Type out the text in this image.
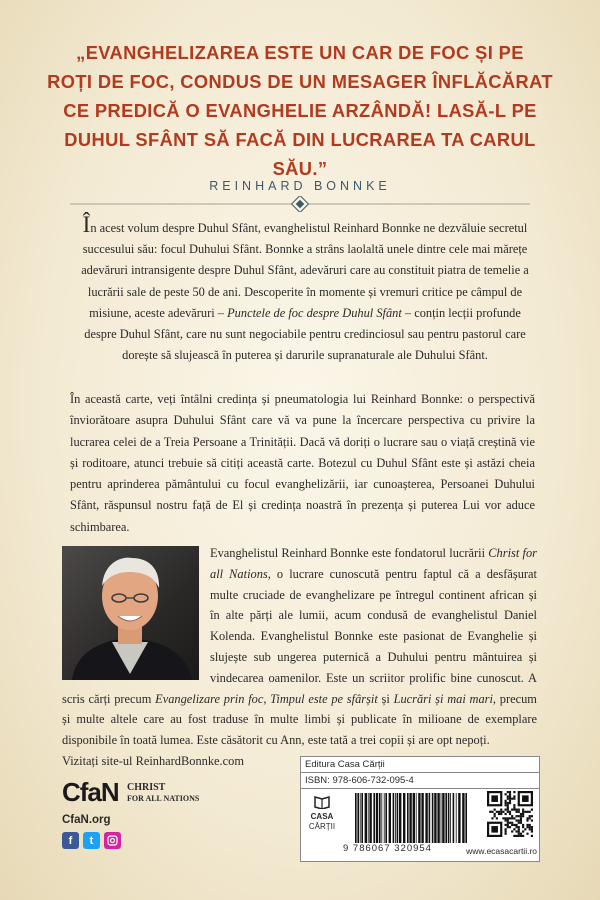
„EVANGHELIZAREA ESTE UN CAR DE FOC ȘI PE
ROȚI DE FOC, CONDUS DE UN MESAGER ÎNFLĂCĂRAT
CE PREDICĂ O EVANGHELIE ARZÂNDĂ! LASĂ-L PE
DUHUL SFÂNT SĂ FACĂ DIN LUCRAREA TA CARUL SĂU.”
REINHARD BONNKE
În acest volum despre Duhul Sfânt, evanghelistul Reinhard Bonnke ne dezvăluie secretul succesului său: focul Duhului Sfânt. Bonnke a strâns laolaltă unele dintre cele mai mărețe adevăruri intransigente despre Duhul Sfânt, adevăruri care au constituit piatra de temelie a lucrării sale de peste 50 de ani. Descoperite în momente și vremuri critice pe câmpul de misiune, aceste adevăruri – Punctele de foc despre Duhul Sfânt – conțin lecții profunde despre Duhul Sfânt, care nu sunt negociabile pentru credinciosul sau pentru pastorul care dorește să slujească în puterea și darurile supranaturale ale Duhului Sfânt.
În această carte, veți întâlni credința și pneumatologia lui Reinhard Bonnke: o perspectivă înviorătoare asupra Duhului Sfânt care vă va pune la încercare perspectiva cu privire la lucrarea celei de a Treia Persoane a Trinității. Dacă vă doriți o lucrare sau o viață creștină vie și roditoare, atunci trebuie să citiți această carte. Botezul cu Duhul Sfânt este și astăzi cheia pentru aprinderea pământului cu focul evanghelizării, iar cunoașterea, Persoanei Duhului Sfânt, răspunsul nostru față de El și credința noastră în prezența și puterea Lui vor aduce schimbarea.
Evanghelistul Reinhard Bonnke este fondatorul lucrării Christ for all Nations, o lucrare cunoscută pentru faptul că a desfășurat multe cruciade de evanghelizare pe întregul continent african și în alte părți ale lumii, acum condusă de evanghelistul Daniel Kolenda. Evanghelistul Bonnke este pasionat de Evanghelie și slujește sub ungerea puternică a Duhului pentru mântuirea și vindecarea oamenilor. Este un scriitor prolific bine cunoscut. A scris cărți precum Evangelizare prin foc, Timpul este pe sfârșit și Lucrări și mai mari, precum și multe altele care au fost traduse în multe limbi și publicate în milioane de exemplare disponibile în toată lumea. Este căsătorit cu Ann, este tată a trei copii și are opt nepoți.
Vizitați site-ul ReinhardBonnke.com
CfaN CHRIST
FOR ALL NATIONS
CfaN.org
f	t
Editura Casa Cărții
ISBN: 978-606-732-095-4
CASA
CĂRȚII
9 786067 320954	www.ecasacartii.ro
